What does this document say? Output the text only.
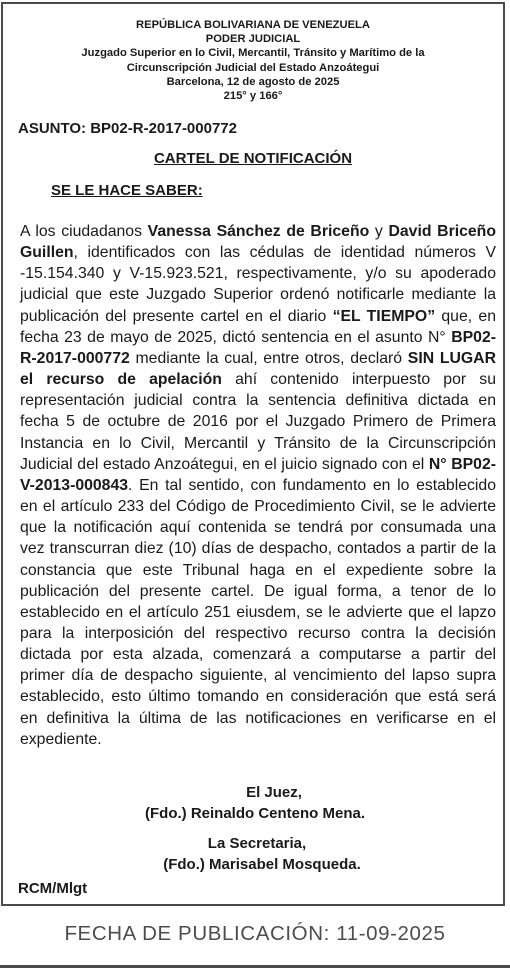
REPÚBLICA BOLIVARIANA DE VENEZUELA
PODER JUDICIAL
Juzgado Superior en lo Civil, Mercantil, Tránsito y Marítimo de la
Circunscripción Judicial del Estado Anzoátegui
Barcelona, 12 de agosto de 2025
215° y 166°
ASUNTO: BP02-R-2017-000772
CARTEL DE NOTIFICACIÓN
SE LE HACE SABER:
A los ciudadanos Vanessa Sánchez de Briceño y David Briceño Guillen, identificados con las cédulas de identidad números V -15.154.340 y V-15.923.521, respectivamente, y/o su apoderado judicial que este Juzgado Superior ordenó notificarle mediante la publicación del presente cartel en el diario “EL TIEMPO” que, en fecha 23 de mayo de 2025, dictó sentencia en el asunto N° BP02-R-2017-000772 mediante la cual, entre otros, declaró SIN LUGAR el recurso de apelación ahí contenido interpuesto por su representación judicial contra la sentencia definitiva dictada en fecha 5 de octubre de 2016 por el Juzgado Primero de Primera Instancia en lo Civil, Mercantil y Tránsito de la Circunscripción Judicial del estado Anzoátegui, en el juicio signado con el N° BP02-V-2013-000843. En tal sentido, con fundamento en lo establecido en el artículo 233 del Código de Procedimiento Civil, se le advierte que la notificación aquí contenida se tendrá por consumada una vez transcurran diez (10) días de despacho, contados a partir de la constancia que este Tribunal haga en el expediente sobre la publicación del presente cartel. De igual forma, a tenor de lo establecido en el artículo 251 eiusdem, se le advierte que el lapzo para la interposición del respectivo recurso contra la decisión dictada por esta alzada, comenzará a computarse a partir del primer día de despacho siguiente, al vencimiento del lapso supra establecido, esto último tomando en consideración que está será en definitiva la última de las notificaciones en verificarse en el expediente.
El Juez,
(Fdo.) Reinaldo Centeno Mena.
La Secretaria,
(Fdo.) Marisabel Mosqueda.
RCM/Mlgt
FECHA DE PUBLICACIÓN: 11-09-2025
